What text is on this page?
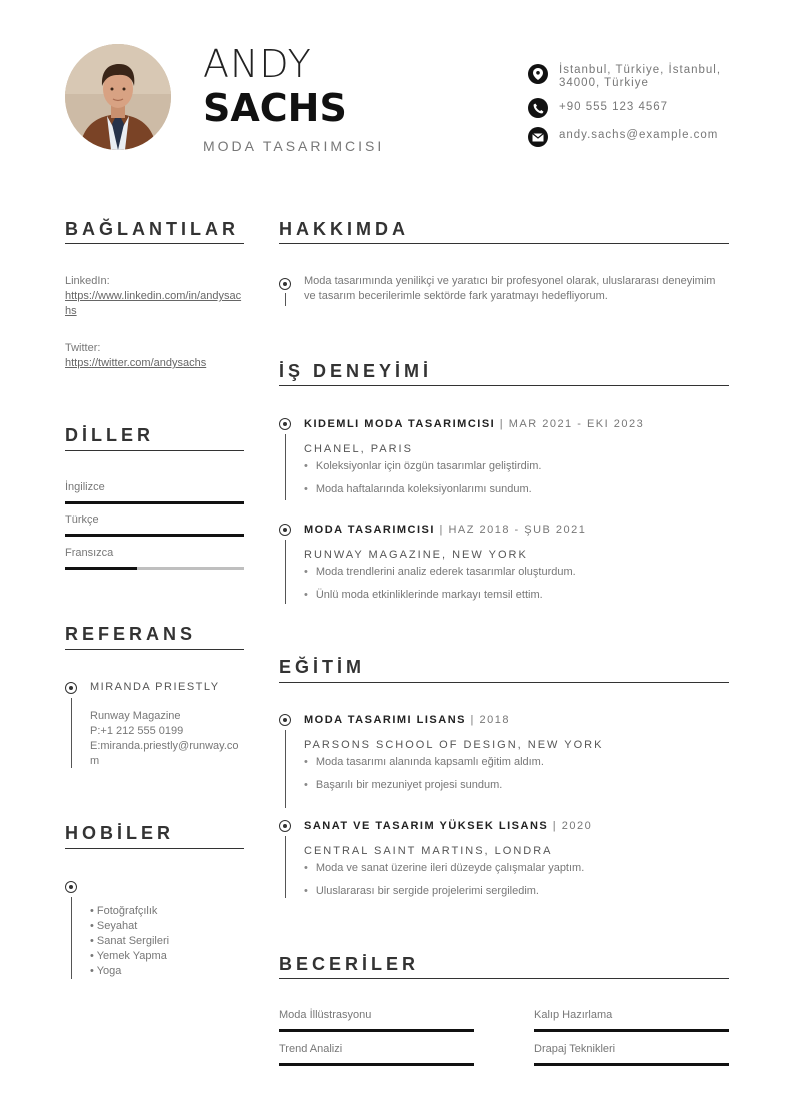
ANDY
SACHS
MODA TASARIMCISI
İstanbul, Türkiye, İstanbul, 34000, Türkiye
+90 555 123 4567
andy.sachs@example.com
BAĞLANTILAR
LinkedIn:
https://www.linkedin.com/in/andysachs
Twitter:
https://twitter.com/andysachs
DİLLER
İngilizce
Türkçe
Fransızca
REFERANS
MIRANDA PRIESTLY
Runway Magazine
P:+1 212 555 0199
E:miranda.priestly@runway.com
HOBİLER
• Fotoğrafçılık
• Seyahat
• Sanat Sergileri
• Yemek Yapma
• Yoga
HAKKIMDA
Moda tasarımında yenilikçi ve yaratıcı bir profesyonel olarak, uluslararası deneyimim ve tasarım becerilerimle sektörde fark yaratmayı hedefliyorum.
İŞ DENEYİMİ
KIDEMLI MODA TASARIMCISI | MAR 2021 - EKI 2023
CHANEL, PARIS
• Koleksiyonlar için özgün tasarımlar geliştirdim.
• Moda haftalarında koleksiyonlarımı sundum.
MODA TASARIMCISI | HAZ 2018 - ŞUB 2021
RUNWAY MAGAZINE, NEW YORK
• Moda trendlerini analiz ederek tasarımlar oluşturdum.
• Ünlü moda etkinliklerinde markayı temsil ettim.
EĞİTİM
MODA TASARIMI LISANS | 2018
PARSONS SCHOOL OF DESIGN, NEW YORK
• Moda tasarımı alanında kapsamlı eğitim aldım.
• Başarılı bir mezuniyet projesi sundum.
SANAT VE TASARIM YÜKSEK LISANS | 2020
CENTRAL SAINT MARTINS, LONDRA
• Moda ve sanat üzerine ileri düzeyde çalışmalar yaptım.
• Uluslararası bir sergide projelerimi sergiledim.
BECERİLER
Moda İllüstrasyonu	Kalıp Hazırlama
Trend Analizi	Drapaj Teknikleri
